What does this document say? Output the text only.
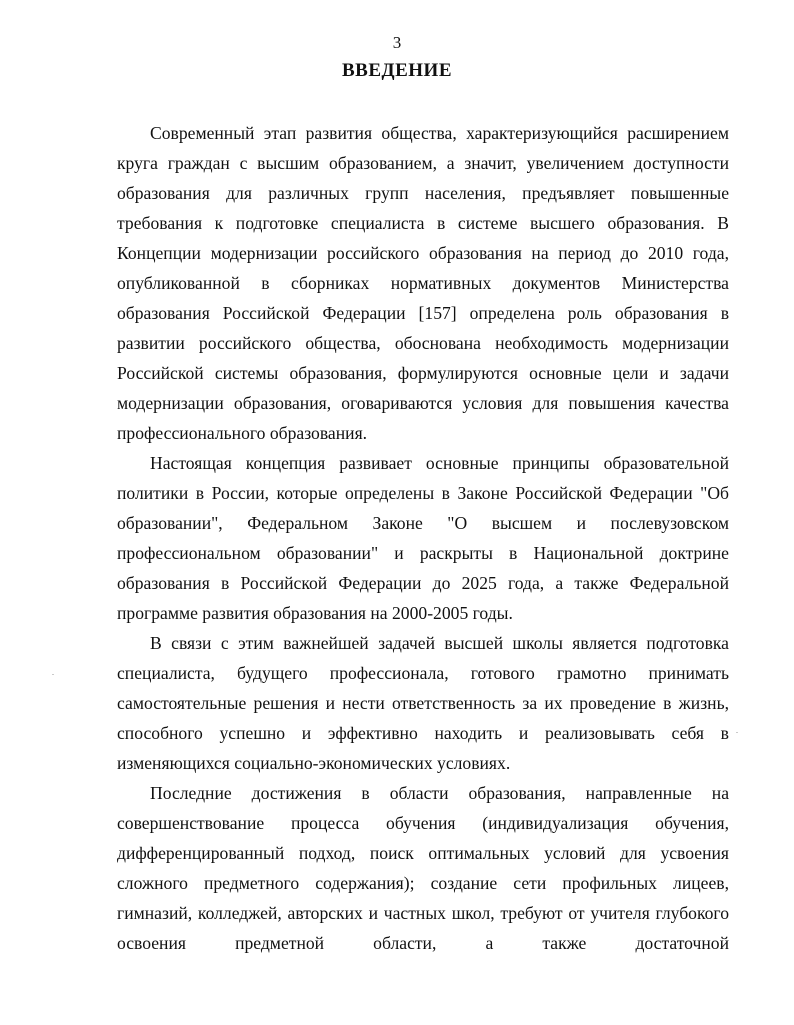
3
ВВЕДЕНИЕ

Современный этап развития общества, характеризующийся расширением круга граждан с высшим образованием, а значит, увеличением доступности образования для различных групп населения, предъявляет повышенные требования к подготовке специалиста в системе высшего образования. В Концепции модернизации российского образования на период до 2010 года, опубликованной в сборниках нормативных документов Министерства образования Российской Федерации [157] определена роль образования в развитии российского общества, обоснована необходимость модернизации Российской системы образования, формулируются основные цели и задачи модернизации образования, оговариваются условия для повышения качества профессионального образования.

Настоящая концепция развивает основные принципы образовательной политики в России, которые определены в Законе Российской Федерации "Об образовании", Федеральном Законе "О высшем и послевузовском профессиональном образовании" и раскрыты в Национальной доктрине образования в Российской Федерации до 2025 года, а также Федеральной программе развития образования на 2000-2005 годы.

В связи с этим важнейшей задачей высшей школы является подготовка специалиста, будущего профессионала, готового грамотно принимать самостоятельные решения и нести ответственность за их проведение в жизнь, способного успешно и эффективно находить и реализовывать себя в изменяющихся социально-экономических условиях.

Последние достижения в области образования, направленные на совершенствование процесса обучения (индивидуализация обучения, дифференцированный подход, поиск оптимальных условий для усвоения сложного предметного содержания); создание сети профильных лицеев, гимназий, колледжей, авторских и частных школ, требуют от учителя глубокого освоения предметной области, а также достаточной

.
.
